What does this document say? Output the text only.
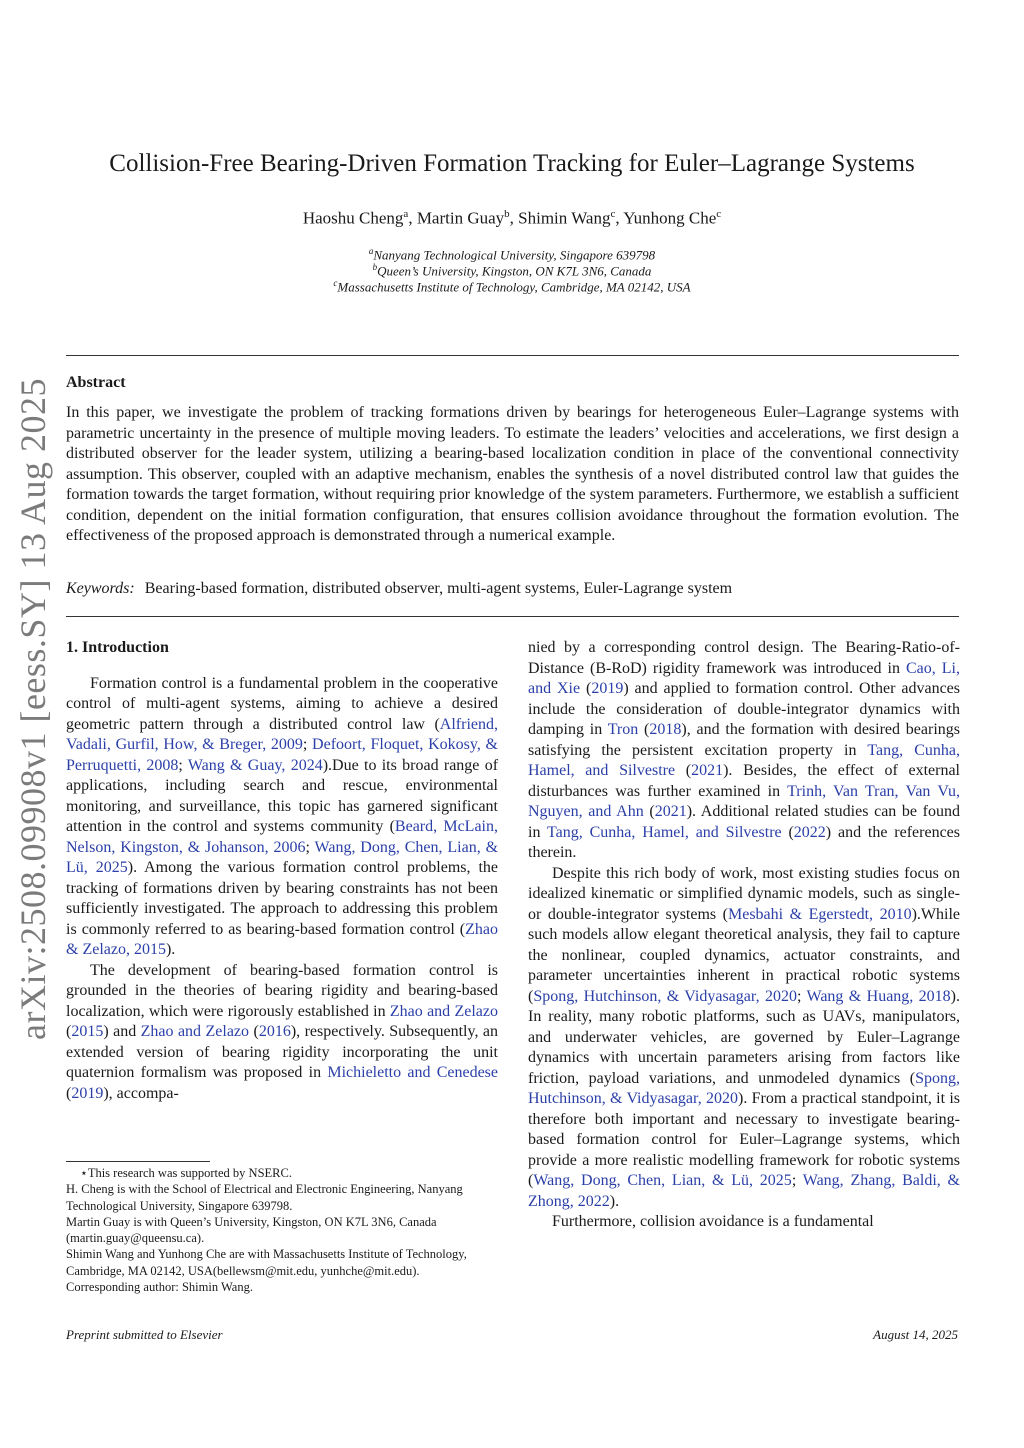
arXiv:2508.09908v1 [eess.SY] 13 Aug 2025
Collision-Free Bearing-Driven Formation Tracking for Euler–Lagrange Systems
Haoshu Cheng$^a$, Martin Guay$^b$, Shimin Wang$^c$, Yunhong Che$^c$
$^a$Nanyang Technological University, Singapore 639798
$^b$Queen’s University, Kingston, ON K7L 3N6, Canada
$^c$Massachusetts Institute of Technology, Cambridge, MA 02142, USA
Abstract

In this paper, we investigate the problem of tracking formations driven by bearings for heterogeneous Euler–Lagrange systems with parametric uncertainty in the presence of multiple moving leaders. To estimate the leaders’ velocities and accelerations, we first design a distributed observer for the leader system, utilizing a bearing-based localization condition in place of the conventional connectivity assumption. This observer, coupled with an adaptive mechanism, enables the synthesis of a novel distributed control law that guides the formation towards the target formation, without requiring prior knowledge of the system parameters. Furthermore, we establish a sufficient condition, dependent on the initial formation configuration, that ensures collision avoidance throughout the formation evolution. The effectiveness of the proposed approach is demonstrated through a numerical example.

Keywords: Bearing-based formation, distributed observer, multi-agent systems, Euler-Lagrange system
1. Introduction

Formation control is a fundamental problem in the cooperative control of multi-agent systems, aiming to achieve a desired geometric pattern through a distributed control law (Alfriend, Vadali, Gurfil, How, & Breger, 2009; Defoort, Floquet, Kokosy, & Perruquetti, 2008; Wang & Guay, 2024).Due to its broad range of applications, including search and rescue, environmental monitoring, and surveillance, this topic has garnered significant attention in the control and systems community (Beard, McLain, Nelson, Kingston, & Johanson, 2006; Wang, Dong, Chen, Lian, & Lü, 2025). Among the various formation control problems, the tracking of formations driven by bearing constraints has not been sufficiently investigated. The approach to addressing this problem is commonly referred to as bearing-based formation control (Zhao & Zelazo, 2015).

The development of bearing-based formation control is grounded in the theories of bearing rigidity and bearing-based localization, which were rigorously established in Zhao and Zelazo (2015) and Zhao and Zelazo (2016), respectively. Subsequently, an extended version of bearing rigidity incorporating the unit quaternion formalism was proposed in Michieletto and Cenedese (2019), accompa-

nied by a corresponding control design. The Bearing-Ratio-of-Distance (B-RoD) rigidity framework was introduced in Cao, Li, and Xie (2019) and applied to formation control. Other advances include the consideration of double-integrator dynamics with damping in Tron (2018), and the formation with desired bearings satisfying the persistent excitation property in Tang, Cunha, Hamel, and Silvestre (2021). Besides, the effect of external disturbances was further examined in Trinh, Van Tran, Van Vu, Nguyen, and Ahn (2021). Additional related studies can be found in Tang, Cunha, Hamel, and Silvestre (2022) and the references therein.

Despite this rich body of work, most existing studies focus on idealized kinematic or simplified dynamic models, such as single- or double-integrator systems (Mesbahi & Egerstedt, 2010).While such models allow elegant theoretical analysis, they fail to capture the nonlinear, coupled dynamics, actuator constraints, and parameter uncertainties inherent in practical robotic systems (Spong, Hutchinson, & Vidyasagar, 2020; Wang & Huang, 2018). In reality, many robotic platforms, such as UAVs, manipulators, and underwater vehicles, are governed by Euler–Lagrange dynamics with uncertain parameters arising from factors like friction, payload variations, and unmodeled dynamics (Spong, Hutchinson, & Vidyasagar, 2020). From a practical standpoint, it is therefore both important and necessary to investigate bearing-based formation control for Euler–Lagrange systems, which provide a more realistic modelling framework for robotic systems (Wang, Dong, Chen, Lian, & Lü, 2025; Wang, Zhang, Baldi, & Zhong, 2022).

Furthermore, collision avoidance is a fundamental

⋆This research was supported by NSERC.
H. Cheng is with the School of Electrical and Electronic Engineering, Nanyang Technological University, Singapore 639798.
Martin Guay is with Queen’s University, Kingston, ON K7L 3N6, Canada (martin.guay@queensu.ca).
Shimin Wang and Yunhong Che are with Massachusetts Institute of Technology, Cambridge, MA 02142, USA(bellewsm@mit.edu, yunhche@mit.edu).
Corresponding author: Shimin Wang.
Preprint submitted to Elsevier	August 14, 2025
